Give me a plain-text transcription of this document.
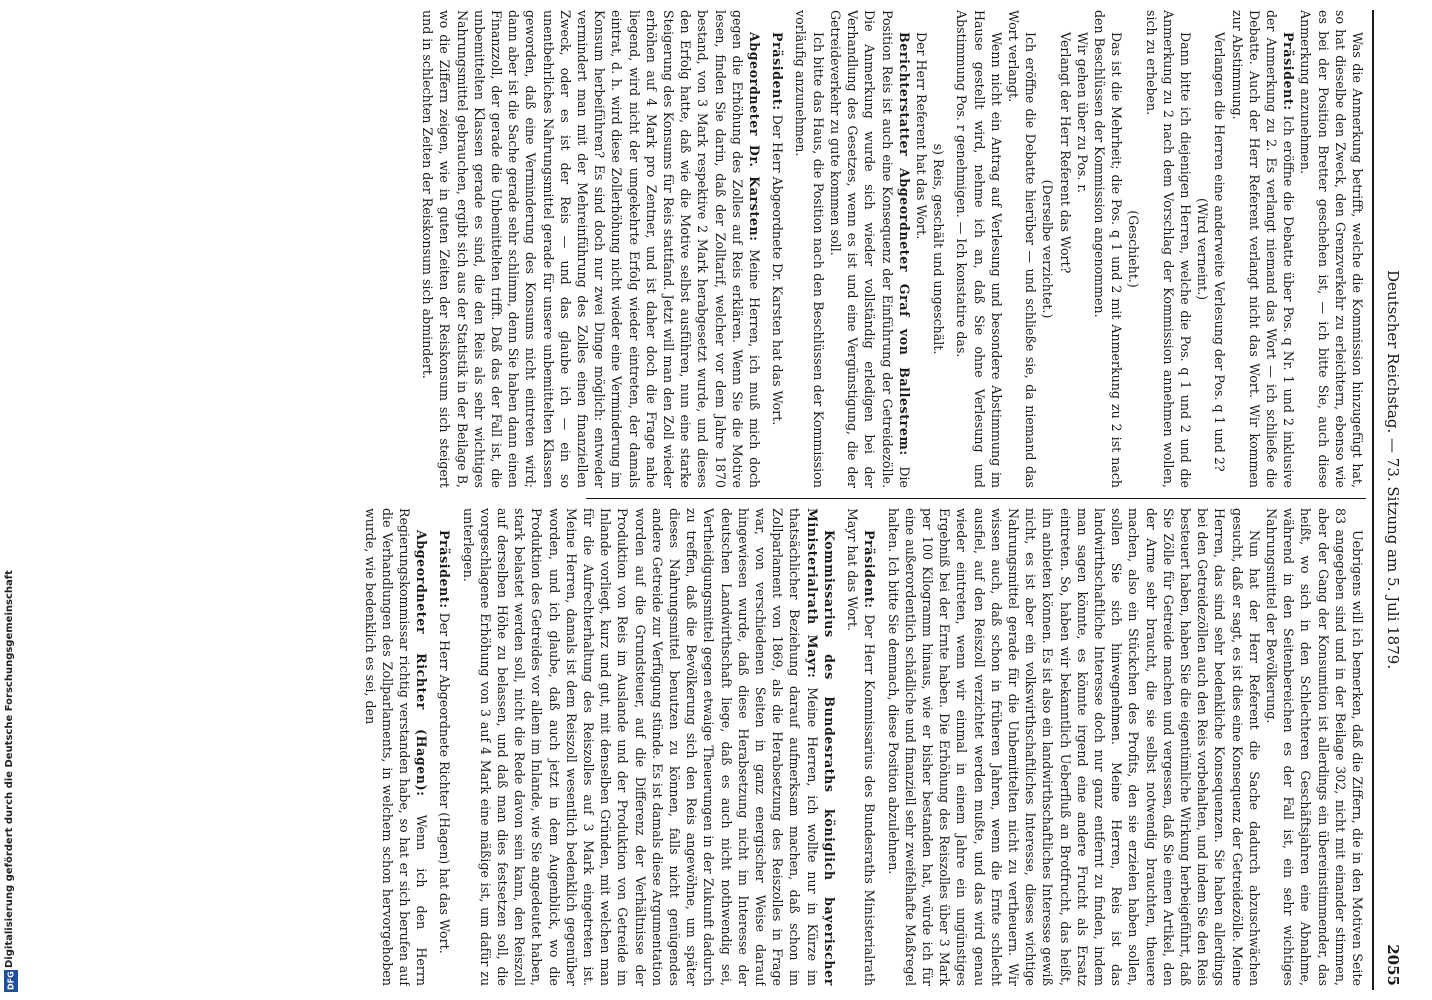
Digitalisierung gefördert durch die Deutsche Forschungsgemeinschaft
DFG
Deutscher Reichstag. — 73. Sitzung am 5. Juli 1879.
2055

Was die Anmerkung betrifft, welche die Kommission hinzugefügt hat, so hat dieselbe den Zweck, den Grenzverkehr zu erleichtern, ebenso wie es bei der Position Bretter geschehen ist, — ich bitte Sie, auch diese Anmerkung anzunehmen.

Präsident: Ich eröffne die Debatte über Pos. q Nr. 1 und 2 inklusive der Anmerkung zu 2. Es verlangt niemand das Wort — ich schließe die Debatte. Auch der Herr Referent verlangt nicht das Wort. Wir kommen zur Abstimmung.

Verlangen die Herren eine anderweite Verlesung der Pos. q 1 und 2?

(Wird verneint.)

Dann bitte ich diejenigen Herren, welche die Pos. q 1 und 2 und die Anmerkung zu 2 nach dem Vorschlag der Kommission annehmen wollen, sich zu erheben.

(Geschieht.)

Das ist die Mehrheit; die Pos. q 1 und 2 mit Anmerkung zu 2 ist nach den Beschlüssen der Kommission angenommen.

Wir gehen über zu Pos. r.

Verlangt der Herr Referent das Wort?

(Derselbe verzichtet.)

Ich eröffne die Debatte hierüber — und schließe sie, da niemand das Wort verlangt.

Wenn nicht ein Antrag auf Verlesung und besondere Abstimmung im Hause gestellt wird, nehme ich an, daß Sie ohne Verlesung und Abstimmung Pos. r genehmigen. — Ich konstatire das.

s) Reis, geschält und ungeschält.

Der Herr Referent hat das Wort.

Berichterstatter Abgeordneter Graf von Ballestrem: Die Position Reis ist auch eine Konsequenz der Einführung der Getreidezölle. Die Anmerkung wurde sich wieder vollständig erledigen bei der Verhandlung des Gesetzes, wenn es ist und eine Vergünstigung, die der Getreideverkehr zu gute kommen soll.

Ich bitte das Haus, die Position nach den Beschlüssen der Kommission vorläufig anzunehmen.

Präsident: Der Herr Abgeordnete Dr. Karsten hat das Wort.

Abgeordneter Dr. Karsten: Meine Herren, ich muß mich doch gegen die Erhöhung des Zolles auf Reis erklären. Wenn Sie die Motive lesen, finden Sie darin, daß der Zolltarif, welcher vor dem Jahre 1870 bestand, von 3 Mark respektive 2 Mark herabgesetzt wurde, und dieses den Erfolg hatte, daß wie die Motive selbst ausführen, nun eine starke Steigerung des Konsums für Reis stattfand. Jetzt will man den Zoll wieder erhöhen auf 4 Mark pro Zentner, und ist daher doch die Frage nahe liegend, wird nicht der umgekehrte Erfolg wieder eintreten, der damals eintrat, d. h. wird diese Zollerhöhung nicht wieder eine Verminderung im Konsum herbeiführen? Es sind doch nur zwei Dinge möglich: entweder vermindert man mit der Mehreinführung des Zolles einen finanziellen Zweck, oder es ist der Reis — und das glaube ich — ein so unentbehrliches Nahrungsmittel gerade für unsere unbemittelten Klassen geworden, daß eine Verminderung des Konsums nicht eintreten wird; dann aber ist die Sache gerade sehr schlimm, denn Sie haben dann einen Finanzzoll, der gerade die Unbemittelten trifft. Daß das der Fall ist, die unbemittelten Klassen gerade es sind, die den Reis als sehr wichtiges Nahrungsmittel gebrauchen, ergibt sich aus der Statistik in der Beilage B, wo die Ziffern zeigen, wie in guten Zeiten der Reiskonsum sich steigert und in schlechten Zeiten der Reiskonsum sich abmindert.

Uebrigens will ich bemerken, daß die Ziffern, die in den Motiven Seite 83 angegeben sind und in der Beilage 302, nicht mit einander stimmen, aber der Gang der Konsumtion ist allerdings ein übereinstimmender, das heißt, wo sich in den Schlechteren Geschäftsjahren eine Abnahme, während in den Seitenbereichen es der Fall ist, ein sehr wichtiges Nahrungsmittel der Bevölkerung.

Nun hat der Herr Referent die Sache dadurch abzuschwächen gesucht, daß er sagt, es ist dies eine Konsequenz der Getreidezölle. Meine Herren, das sind sehr bedenkliche Konsequenzen. Sie haben allerdings bei den Getreidezöllen auch den Reis vorbehalten, und indem Sie den Reis besteuert haben, haben Sie die eigentümliche Wirkung herbeigeführt, daß Sie Zölle für Getreide machen und vergessen, daß Sie einen Artikel, den der Arme sehr braucht, die sie selbst notwendig brauchten, theuere machen, also ein Stückchen des Profits, den sie erzielen haben sollen, sollen Sie sich hinwegnehmen. Meine Herren, Reis ist das landwirthschaftliche Interesse doch nur ganz entfernt zu finden, indem man sagen könnte, es könnte irgend eine andere Frucht als Ersatz eintreten. So, haben wir bekanntlich Ueberfluß an Brotfrucht, das heißt, ihn anbieten können. Es ist also ein landwirthschaftliches Interesse gewiß nicht, es ist aber ein volkswirthschaftliches Interesse, dieses wichtige Nahrungsmittel gerade für die Unbemittelten nicht zu vertheuern. Wir wissen auch, daß schon in früheren Jahren, wenn die Ernte schlecht ausfiel, auf den Reiszoll verzichtet werden mußte, und das wird genau wieder eintreten, wenn wir einmal in einem Jahre ein ungünstiges Ergebniß bei der Ernte haben. Die Erhöhung des Reiszolles über 3 Mark per 100 Kilogramm hinaus, wie er bisher bestanden hat, würde ich für eine außerordentlich schädliche und finanziell sehr zweifelhafte Maßregel halten. Ich bitte Sie demnach, diese Position abzulehnen.

Präsident: Der Herr Kommissarius des Bundesraths Ministerialrath Mayr hat das Wort.

Kommissarius des Bundesraths königlich bayerischer Ministerialrath Mayr: Meine Herren, ich wollte nur in Kürze im thatsächlicher Beziehung darauf aufmerksam machen, daß schon im Zollparlament von 1869, als die Herabsetzung des Reiszolles in Frage war, von verschiedenen Seiten in ganz energischer Weise darauf hingewiesen wurde, daß diese Herabsetzung nicht im Interesse der deutschen Landwirthschaft liege, daß es auch nicht nothwendig sei, Vertheidigungsmittel gegen etwaige Theuerungen in der Zukunft dadurch zu treffen, daß die Bevölkerung sich den Reis angewöhne, um später dieses Nahrungsmittel benutzen zu können, falls nicht genügendes andere Getreide zur Verfügung stünde. Es ist damals diese Argumentation worden auf die Grundsteuer, auf die Differenz der Verhältnisse der Produktion von Reis im Auslande und der Produktion von Getreide im Inlande vorliegt, kurz und gut, mit denselben Gründen, mit welchen man für die Aufrechterhaltung des Reiszolles auf 3 Mark eingetreten ist. Meine Herren, damals ist dem Reiszoll wesentlich bedenklich gegenüber worden, und ich glaube, daß auch jetzt in dem Augenblick, wo die Produktion des Getreides vor allem im Inlande, wie Sie angedeutet haben, stark belastet werden soll, nicht die Rede davon sein kann, den Reiszoll auf derselben Höhe zu belassen, und daß man dies festsetzen soll, die vorgeschlagene Erhöhung von 3 auf 4 Mark eine mäßige ist, um dafür zu unterlegen.

Präsident: Der Herr Abgeordnete Richter (Hagen) hat das Wort.

Abgeordneter Richter (Hagen): Wenn ich den Herrn Regierungskommissar richtig verstanden habe, so hat er sich berufen auf die Verhandlungen des Zollparlaments, in welchem schon hervorgehoben wurde, wie bedenklich es sei, den
